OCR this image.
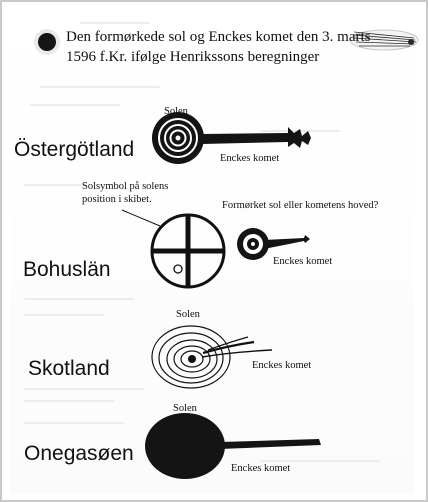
Den formørkede sol og Enckes komet den 3. marts
1596 f.Kr. ifølge Henrikssons beregninger
Östergötland
Solen
Enckes komet
Solsymbol på solens
position i skibet.
Formørket sol eller kometens hoved?
Bohuslän	Enckes komet
Solen
Skotland	Enckes komet
Solen
Onegasøen
Enckes komet
